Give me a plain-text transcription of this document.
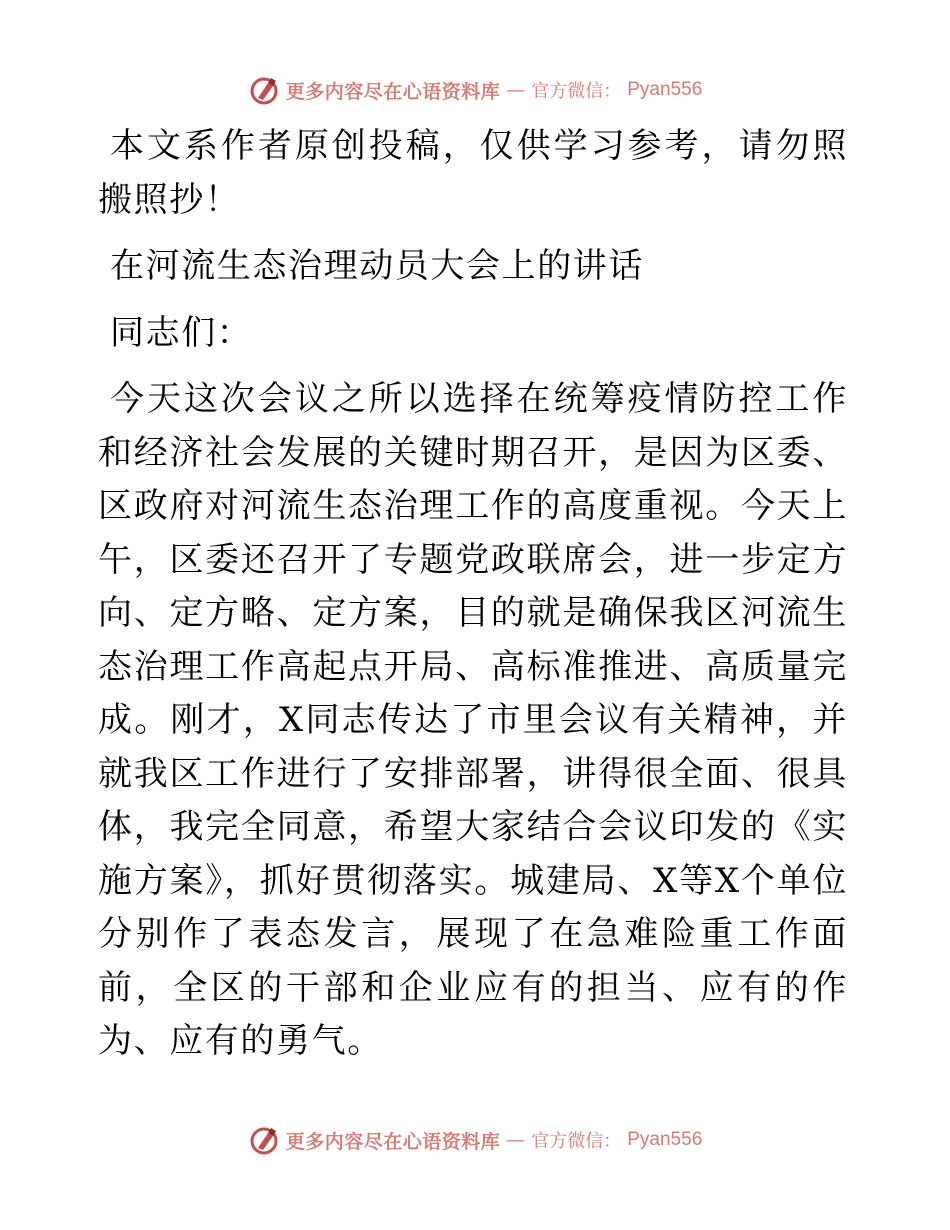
更多内容尽在心语资料库 — 官方微信： Pyan556

本文系作者原创投稿，仅供学习参考，请勿照搬照抄！

在河流生态治理动员大会上的讲话

同志们：

今天这次会议之所以选择在统筹疫情防控工作和经济社会发展的关键时期召开，是因为区委、区政府对河流生态治理工作的高度重视。今天上午，区委还召开了专题党政联席会，进一步定方向、定方略、定方案，目的就是确保我区河流生态治理工作高起点开局、高标准推进、高质量完成。刚才，X同志传达了市里会议有关精神，并就我区工作进行了安排部署，讲得很全面、很具体，我完全同意，希望大家结合会议印发的《实施方案》，抓好贯彻落实。城建局、X等X个单位分别作了表态发言，展现了在急难险重工作面前，全区的干部和企业应有的担当、应有的作为、应有的勇气。

更多内容尽在心语资料库 — 官方微信： Pyan556
